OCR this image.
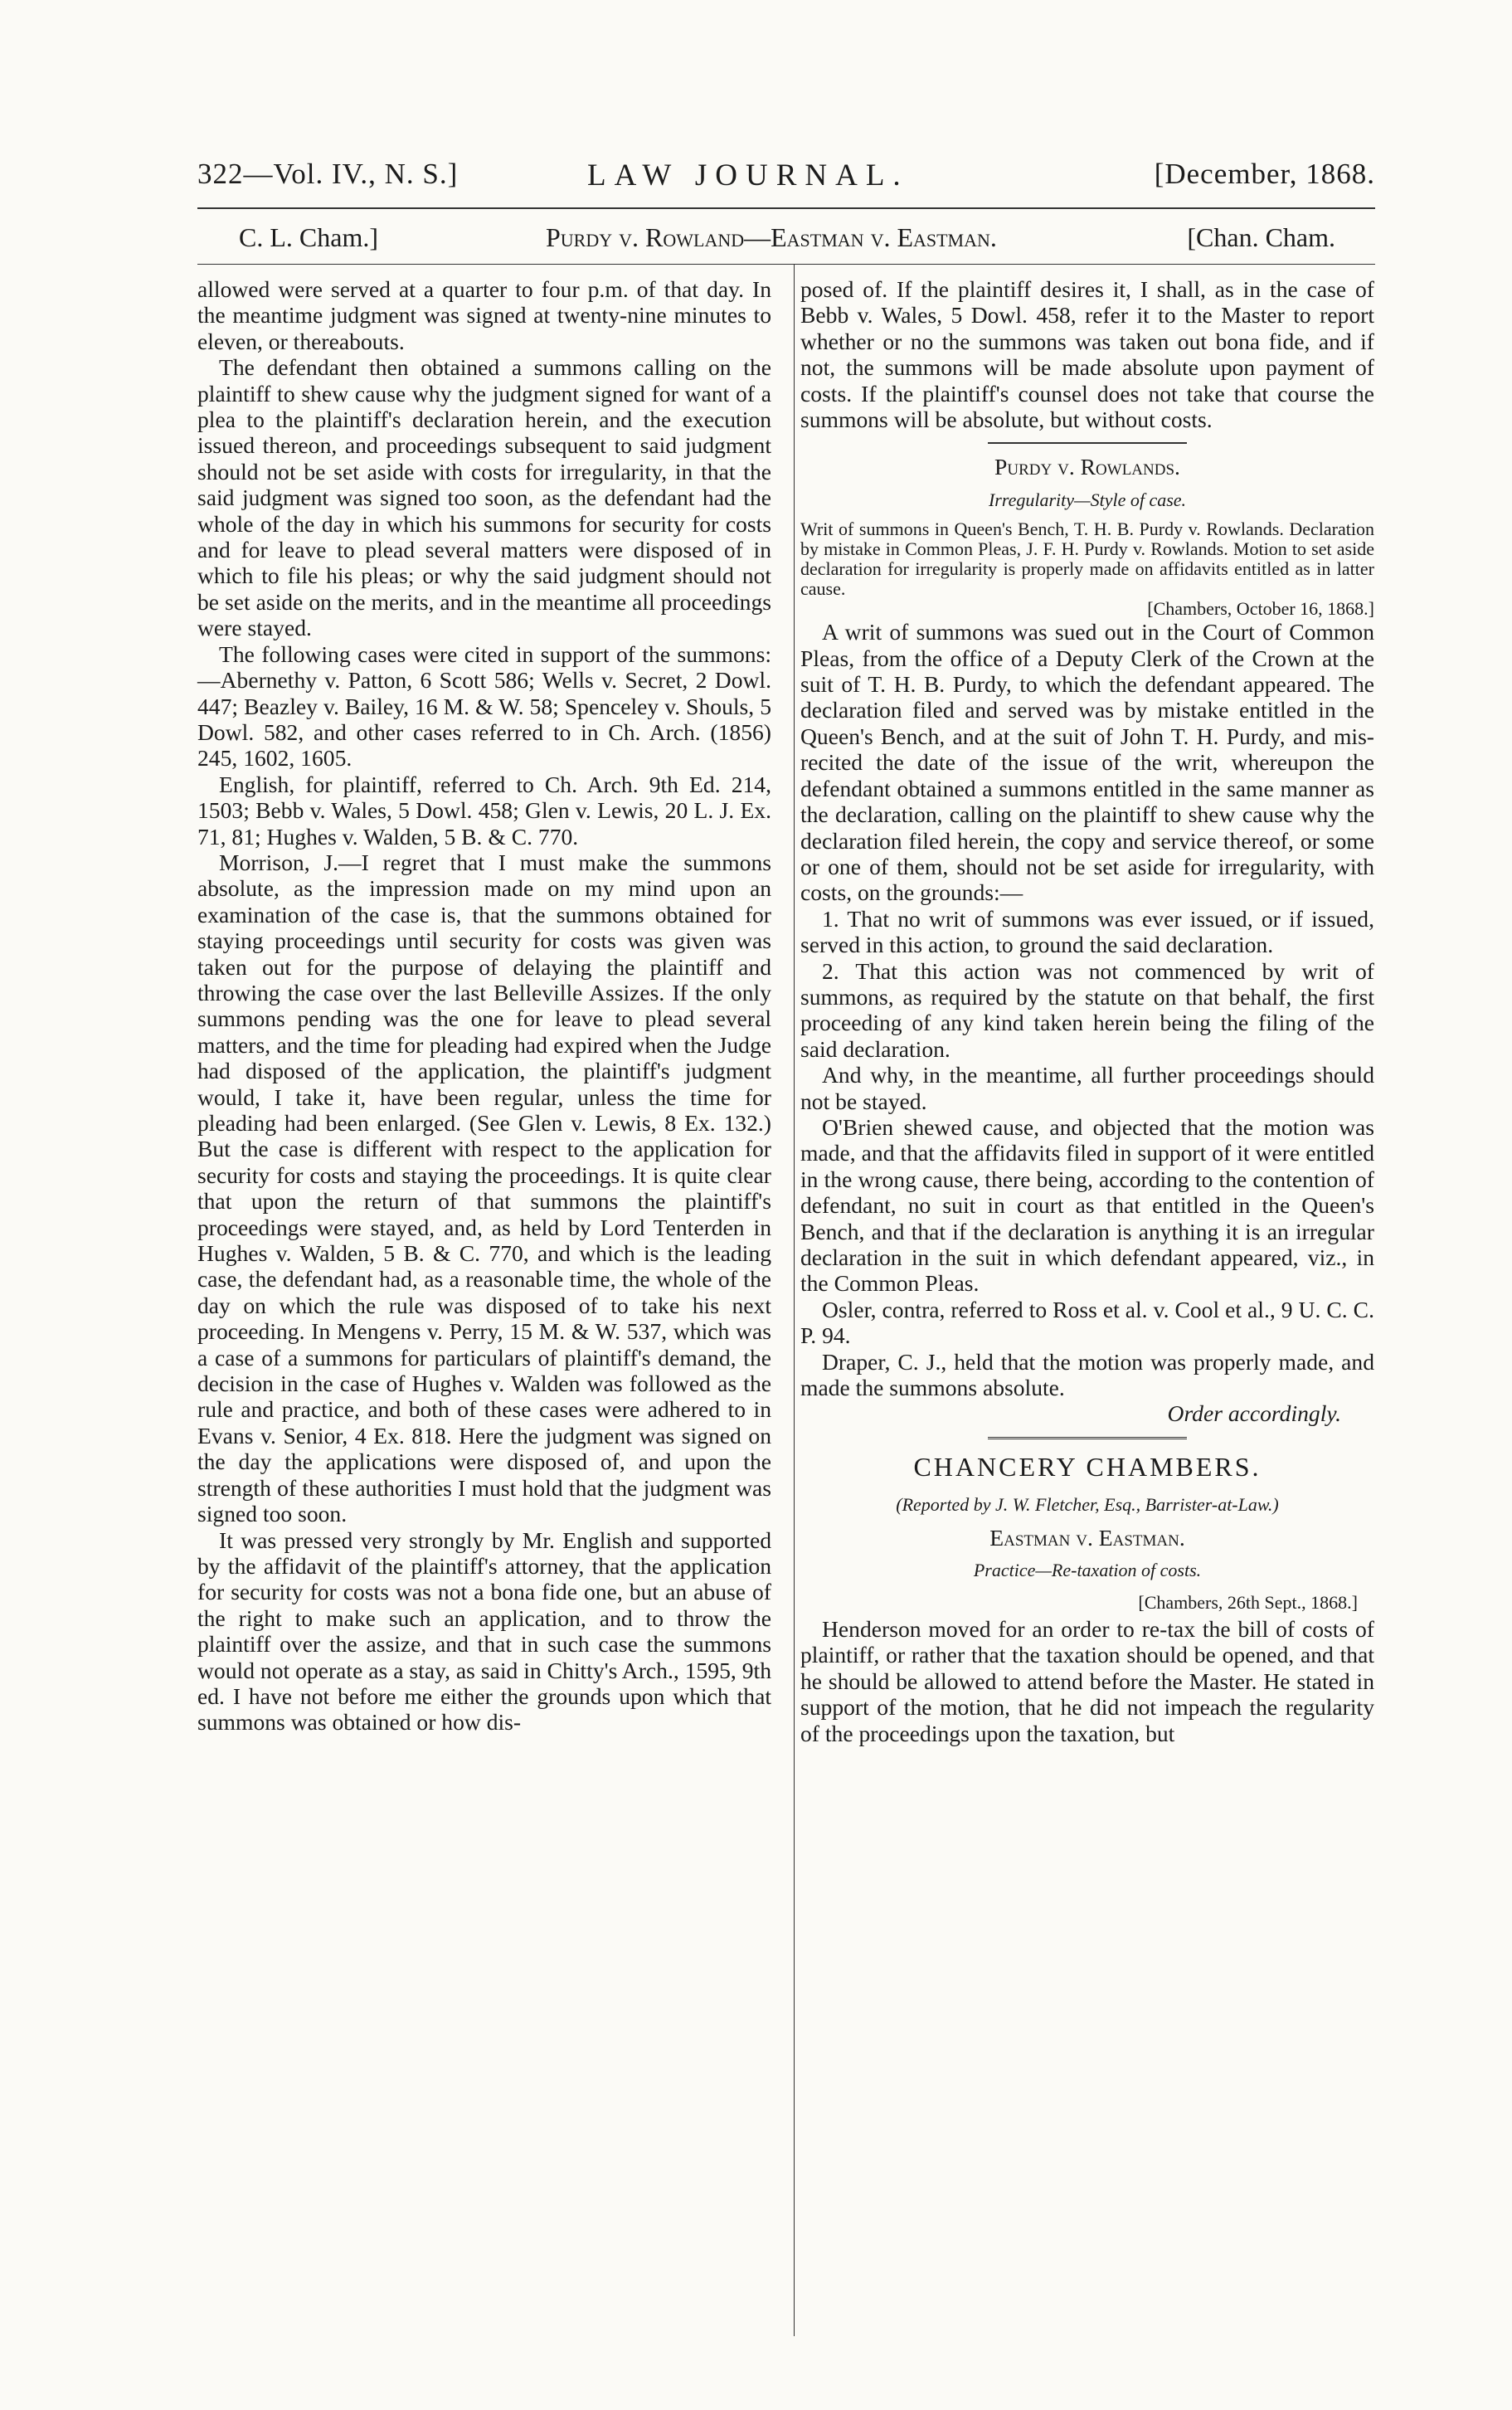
322—Vol. IV., N. S.]	LAW JOURNAL.	[December, 1868.
C. L. Cham.]	Purdy v. Rowland—Eastman v. Eastman.	[Chan. Cham.

allowed were served at a quarter to four p.m. of that day. In the meantime judgment was signed at twenty-nine minutes to eleven, or thereabouts.

The defendant then obtained a summons calling on the plaintiff to shew cause why the judgment signed for want of a plea to the plaintiff's declaration herein, and the execution issued thereon, and proceedings subsequent to said judgment should not be set aside with costs for irregularity, in that the said judgment was signed too soon, as the defendant had the whole of the day in which his summons for security for costs and for leave to plead several matters were disposed of in which to file his pleas; or why the said judgment should not be set aside on the merits, and in the meantime all proceedings were stayed.

The following cases were cited in support of the summons:—Abernethy v. Patton, 6 Scott 586; Wells v. Secret, 2 Dowl. 447; Beazley v. Bailey, 16 M. & W. 58; Spenceley v. Shouls, 5 Dowl. 582, and other cases referred to in Ch. Arch. (1856) 245, 1602, 1605.

English, for plaintiff, referred to Ch. Arch. 9th Ed. 214, 1503; Bebb v. Wales, 5 Dowl. 458; Glen v. Lewis, 20 L. J. Ex. 71, 81; Hughes v. Walden, 5 B. & C. 770.

Morrison, J.—I regret that I must make the summons absolute, as the impression made on my mind upon an examination of the case is, that the summons obtained for staying proceedings until security for costs was given was taken out for the purpose of delaying the plaintiff and throwing the case over the last Belleville Assizes. If the only summons pending was the one for leave to plead several matters, and the time for pleading had expired when the Judge had disposed of the application, the plaintiff's judgment would, I take it, have been regular, unless the time for pleading had been enlarged. (See Glen v. Lewis, 8 Ex. 132.) But the case is different with respect to the application for security for costs and staying the proceedings. It is quite clear that upon the return of that summons the plaintiff's proceedings were stayed, and, as held by Lord Tenterden in Hughes v. Walden, 5 B. & C. 770, and which is the leading case, the defendant had, as a reasonable time, the whole of the day on which the rule was disposed of to take his next proceeding. In Mengens v. Perry, 15 M. & W. 537, which was a case of a summons for particulars of plaintiff's demand, the decision in the case of Hughes v. Walden was followed as the rule and practice, and both of these cases were adhered to in Evans v. Senior, 4 Ex. 818. Here the judgment was signed on the day the applications were disposed of, and upon the strength of these authorities I must hold that the judgment was signed too soon.

It was pressed very strongly by Mr. English and supported by the affidavit of the plaintiff's attorney, that the application for security for costs was not a bona fide one, but an abuse of the right to make such an application, and to throw the plaintiff over the assize, and that in such case the summons would not operate as a stay, as said in Chitty's Arch., 1595, 9th ed. I have not before me either the grounds upon which that summons was obtained or how dis-

posed of. If the plaintiff desires it, I shall, as in the case of Bebb v. Wales, 5 Dowl. 458, refer it to the Master to report whether or no the summons was taken out bona fide, and if not, the summons will be made absolute upon payment of costs. If the plaintiff's counsel does not take that course the summons will be absolute, but without costs.

Purdy v. Rowlands.

Irregularity—Style of case.

Writ of summons in Queen's Bench, T. H. B. Purdy v. Rowlands. Declaration by mistake in Common Pleas, J. F. H. Purdy v. Rowlands. Motion to set aside declaration for irregularity is properly made on affidavits entitled as in latter cause.

[Chambers, October 16, 1868.]

A writ of summons was sued out in the Court of Common Pleas, from the office of a Deputy Clerk of the Crown at the suit of T. H. B. Purdy, to which the defendant appeared. The declaration filed and served was by mistake entitled in the Queen's Bench, and at the suit of John T. H. Purdy, and mis-recited the date of the issue of the writ, whereupon the defendant obtained a summons entitled in the same manner as the declaration, calling on the plaintiff to shew cause why the declaration filed herein, the copy and service thereof, or some or one of them, should not be set aside for irregularity, with costs, on the grounds:—

1. That no writ of summons was ever issued, or if issued, served in this action, to ground the said declaration.

2. That this action was not commenced by writ of summons, as required by the statute on that behalf, the first proceeding of any kind taken herein being the filing of the said declaration.

And why, in the meantime, all further proceedings should not be stayed.

O'Brien shewed cause, and objected that the motion was made, and that the affidavits filed in support of it were entitled in the wrong cause, there being, according to the contention of defendant, no suit in court as that entitled in the Queen's Bench, and that if the declaration is anything it is an irregular declaration in the suit in which defendant appeared, viz., in the Common Pleas.

Osler, contra, referred to Ross et al. v. Cool et al., 9 U. C. C. P. 94.

Draper, C. J., held that the motion was properly made, and made the summons absolute.

Order accordingly.

CHANCERY CHAMBERS.

(Reported by J. W. Fletcher, Esq., Barrister-at-Law.)

Eastman v. Eastman.

Practice—Re-taxation of costs.

[Chambers, 26th Sept., 1868.]

Henderson moved for an order to re-tax the bill of costs of plaintiff, or rather that the taxation should be opened, and that he should be allowed to attend before the Master. He stated in support of the motion, that he did not impeach the regularity of the proceedings upon the taxation, but
